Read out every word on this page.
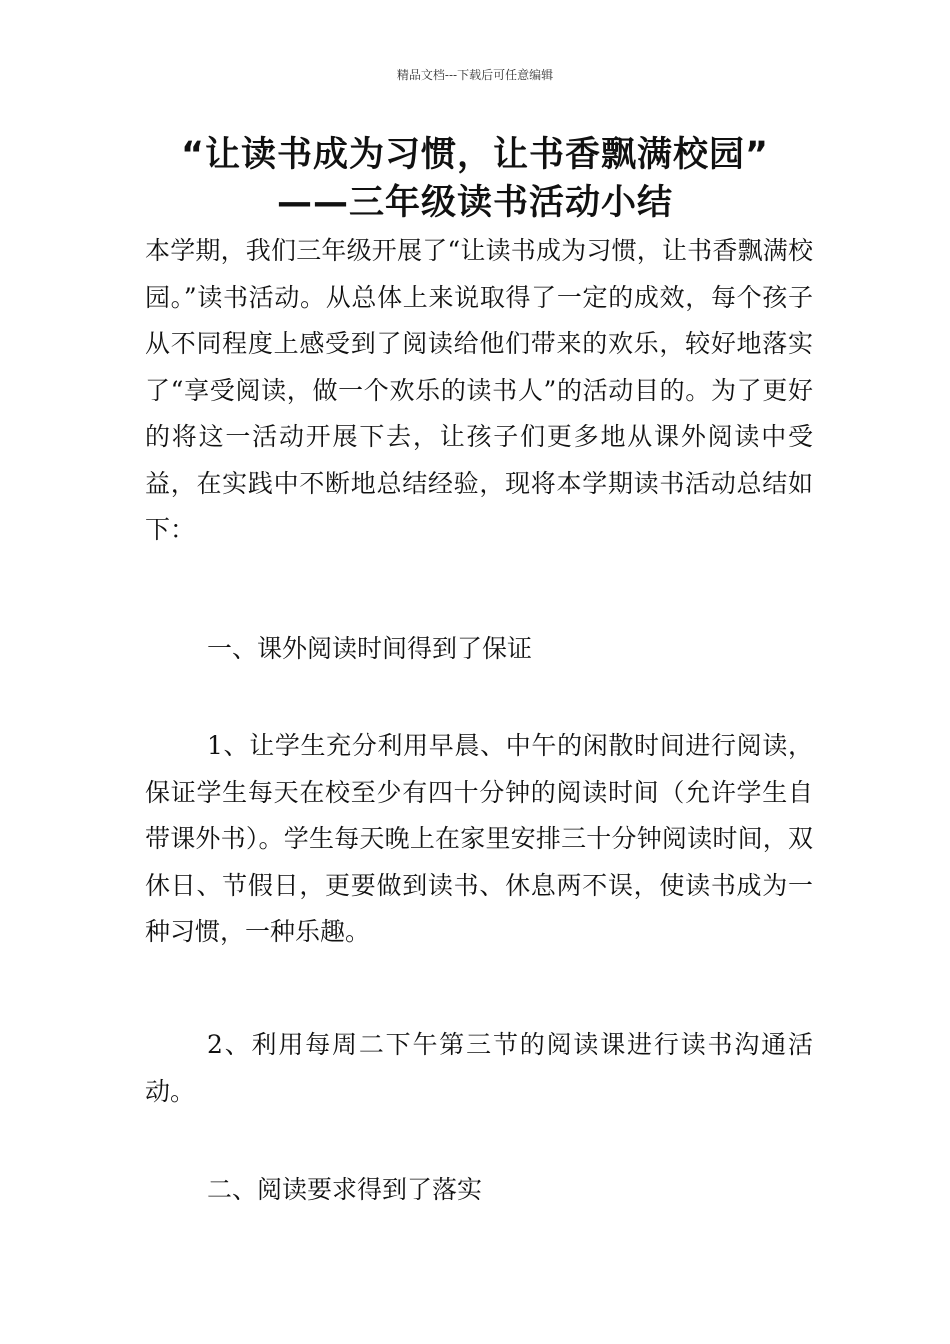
精品文档---下载后可任意编辑
“让读书成为习惯，让书香飘满校园”
——三年级读书活动小结

本学期，我们三年级开展了“让读书成为习惯，让书香飘满校园。”读书活动。从总体上来说取得了一定的成效，每个孩子从不同程度上感受到了阅读给他们带来的欢乐，较好地落实了“享受阅读，做一个欢乐的读书人”的活动目的。为了更好的将这一活动开展下去，让孩子们更多地从课外阅读中受益，在实践中不断地总结经验，现将本学期读书活动总结如下：

一、课外阅读时间得到了保证

1、让学生充分利用早晨、中午的闲散时间进行阅读，保证学生每天在校至少有四十分钟的阅读时间（允许学生自带课外书）。学生每天晚上在家里安排三十分钟阅读时间，双休日、节假日，更要做到读书、休息两不误，使读书成为一种习惯，一种乐趣。

2、利用每周二下午第三节的阅读课进行读书沟通活动。

二、阅读要求得到了落实
